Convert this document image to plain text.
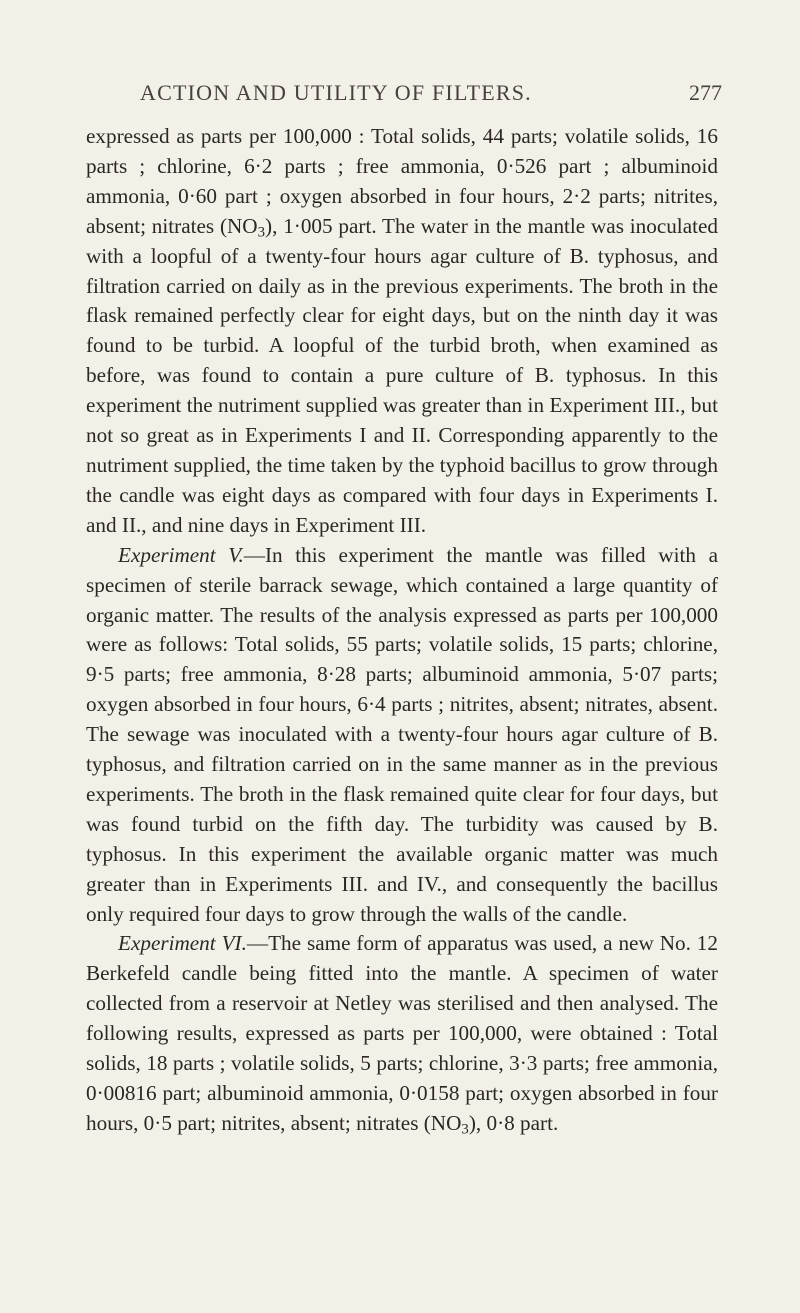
ACTION AND UTILITY OF FILTERS.	277

expressed as parts per 100,000 : Total solids, 44 parts; volatile solids, 16 parts ; chlorine, 6·2 parts ; free ammonia, 0·526 part ; albuminoid ammonia, 0·60 part ; oxygen absorbed in four hours, 2·2 parts; nitrites, absent; nitrates $(NO_3)$, 1·005 part. The water in the mantle was inoculated with a loopful of a twenty-four hours agar culture of B. typhosus, and filtration carried on daily as in the previous experiments. The broth in the flask remained perfectly clear for eight days, but on the ninth day it was found to be turbid. A loopful of the turbid broth, when examined as before, was found to contain a pure culture of B. typhosus. In this experiment the nutriment supplied was greater than in Experiment III., but not so great as in Experiments I and II. Corresponding apparently to the nutriment supplied, the time taken by the typhoid bacillus to grow through the candle was eight days as compared with four days in Experiments I. and II., and nine days in Experiment III.

Experiment V.—In this experiment the mantle was filled with a specimen of sterile barrack sewage, which contained a large quantity of organic matter. The results of the analysis expressed as parts per 100,000 were as follows: Total solids, 55 parts; volatile solids, 15 parts; chlorine, 9·5 parts; free ammonia, 8·28 parts; albuminoid ammonia, 5·07 parts; oxygen absorbed in four hours, 6·4 parts ; nitrites, absent; nitrates, absent. The sewage was inoculated with a twenty-four hours agar culture of B. typhosus, and filtration carried on in the same manner as in the previous experiments. The broth in the flask remained quite clear for four days, but was found turbid on the fifth day. The turbidity was caused by B. typhosus. In this experiment the available organic matter was much greater than in Experiments III. and IV., and consequently the bacillus only required four days to grow through the walls of the candle.

Experiment VI.—The same form of apparatus was used, a new No. 12 Berkefeld candle being fitted into the mantle. A specimen of water collected from a reservoir at Netley was sterilised and then analysed. The following results, expressed as parts per 100,000, were obtained : Total solids, 18 parts ; volatile solids, 5 parts; chlorine, 3·3 parts; free ammonia, 0·00816 part; albuminoid ammonia, 0·0158 part; oxygen absorbed in four hours, 0·5 part; nitrites, absent; nitrates $(NO_3)$, 0·8 part.
